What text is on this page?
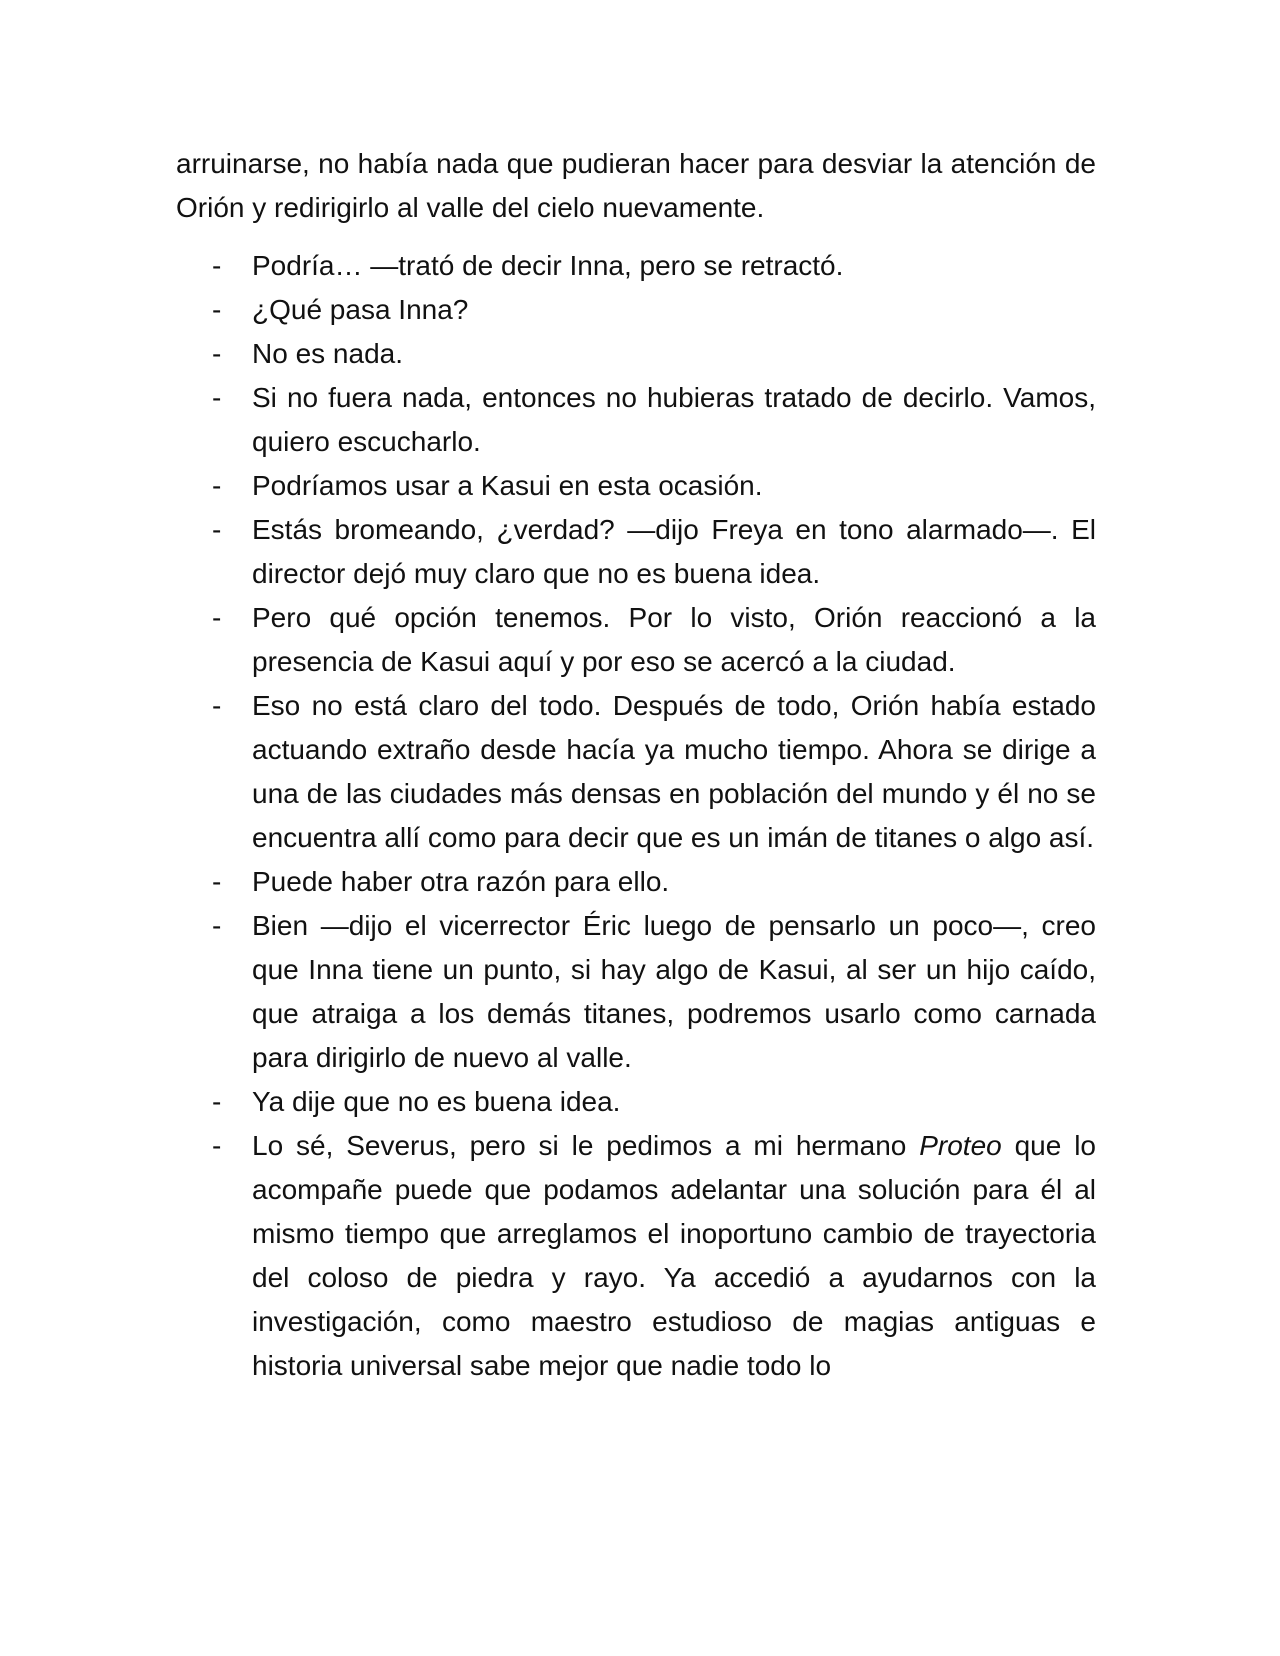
arruinarse, no había nada que pudieran hacer para desviar la atención de Orión y redirigirlo al valle del cielo nuevamente.

- Podría… —trató de decir Inna, pero se retractó.
- ¿Qué pasa Inna?
- No es nada.
- Si no fuera nada, entonces no hubieras tratado de decirlo. Vamos, quiero escucharlo.
- Podríamos usar a Kasui en esta ocasión.
- Estás bromeando, ¿verdad? —dijo Freya en tono alarmado—. El director dejó muy claro que no es buena idea.
- Pero qué opción tenemos. Por lo visto, Orión reaccionó a la presencia de Kasui aquí y por eso se acercó a la ciudad.
- Eso no está claro del todo. Después de todo, Orión había estado actuando extraño desde hacía ya mucho tiempo. Ahora se dirige a una de las ciudades más densas en población del mundo y él no se encuentra allí como para decir que es un imán de titanes o algo así.
- Puede haber otra razón para ello.
- Bien —dijo el vicerrector Éric luego de pensarlo un poco—, creo que Inna tiene un punto, si hay algo de Kasui, al ser un hijo caído, que atraiga a los demás titanes, podremos usarlo como carnada para dirigirlo de nuevo al valle.
- Ya dije que no es buena idea.
- Lo sé, Severus, pero si le pedimos a mi hermano Proteo que lo acompañe puede que podamos adelantar una solución para él al mismo tiempo que arreglamos el inoportuno cambio de trayectoria del coloso de piedra y rayo. Ya accedió a ayudarnos con la investigación, como maestro estudioso de magias antiguas e historia universal sabe mejor que nadie todo lo
